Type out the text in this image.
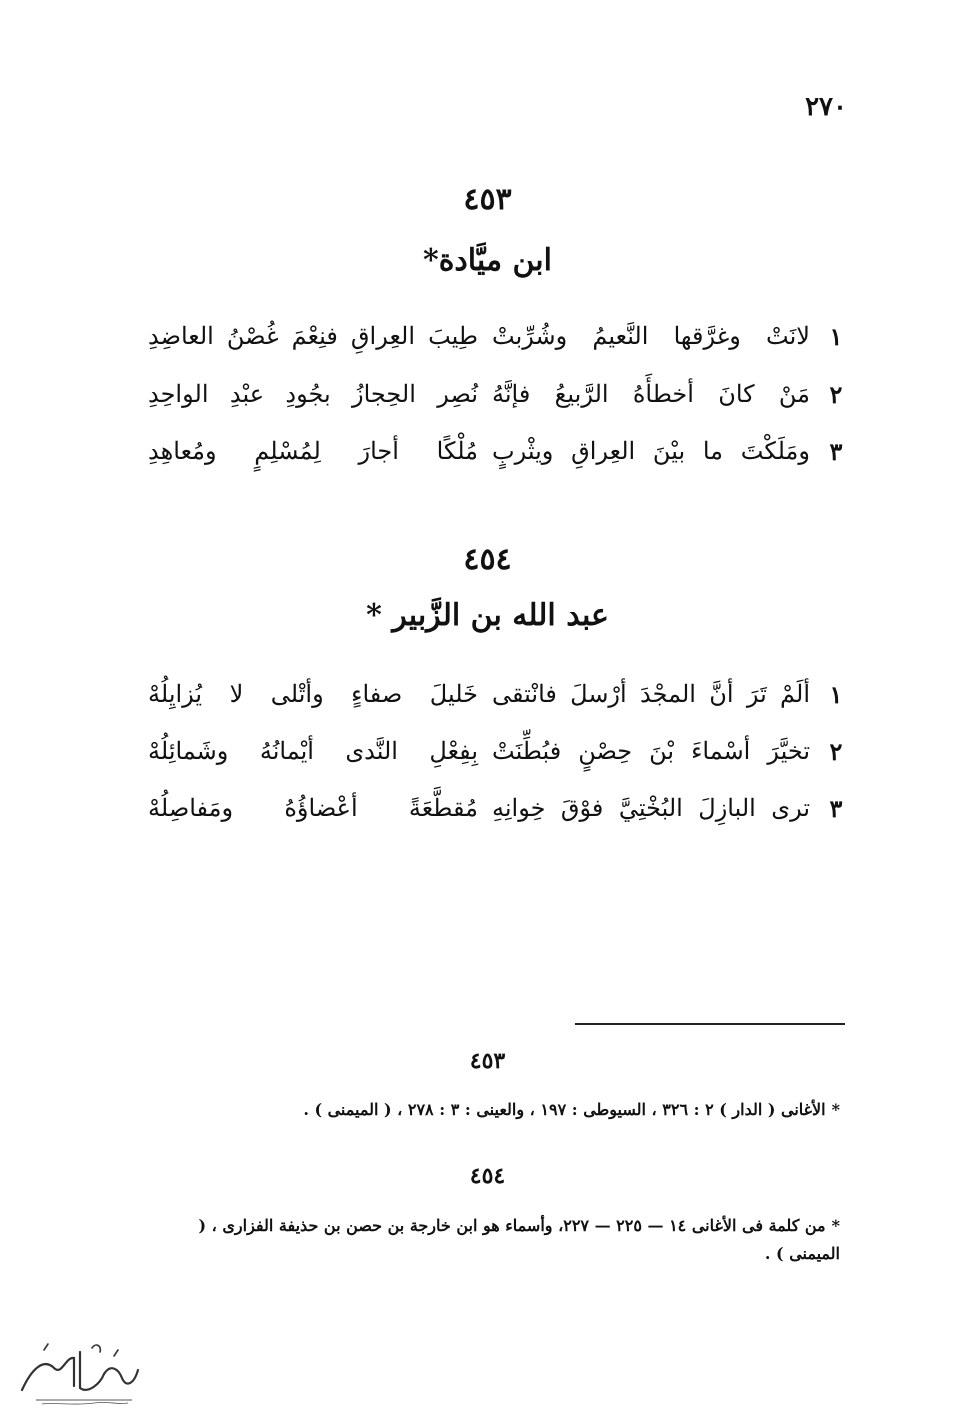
٢٧٠
٤٥٣
ابن ميَّادة*
١
لانَتْ وغرَّقها النَّعيمُ وشُرِّبتْ
طِيبَ العِراقِ فنِعْمَ غُصْنُ العاضِدِ
٢
مَنْ كانَ أخطأَهُ الرَّبيعُ فإنَّهُ
نُصِر الحِجازُ بجُودِ عبْدِ الواحِدِ
٣
ومَلَكْتَ ما بيْنَ العِراقِ ويثْربٍ
مُلْكًا أجارَ لِمُسْلِمٍ ومُعاهِدِ
٤٥٤
عبد الله بن الزَّبير *
١
ألَمْ تَرَ أنَّ المجْدَ أرْسلَ فانْتقى
خَليلَ صفاءٍ وأتْلى لا يُزايِلُهْ
٢
تخيَّرَ أسْماءَ بْنَ حِصْنٍ فبُطِّنَتْ
بِفِعْلِ النَّدى أيْمانُهُ وشَمائِلُهْ
٣
ترى البازِلَ البُخْتِيَّ فوْقَ خِوانِهِ
مُقطَّعَةً أعْضاؤُهُ ومَفاصِلُهْ
٤٥٣
*الأغانى ( الدار ) ٢ : ٣٢٦ ، السيوطى : ١٩٧ ، والعينى : ٣ : ٢٧٨ ، ( الميمنى ) .
٤٥٤
*من كلمة فى الأغانى ١٤ — ٢٢٥ — ٢٢٧، وأسماء هو ابن خارجة بن حصن بن حذيفة الفزارى ، ( الميمنى ) .
